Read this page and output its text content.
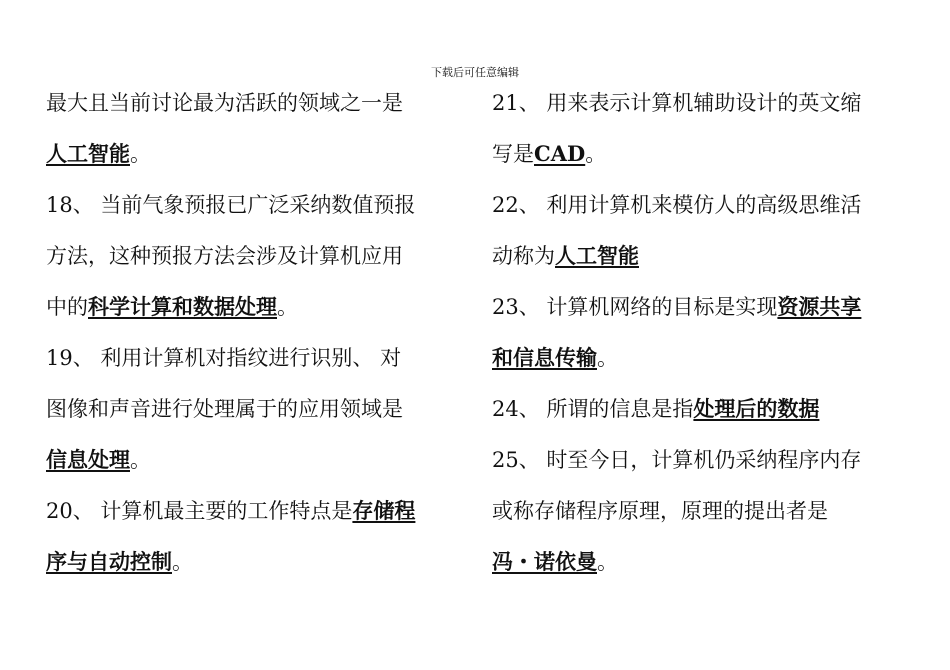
下载后可任意编辑
最大且当前讨论最为活跃的领域之一是
人工智能。
18、 当前气象预报已广泛采纳数值预报
方法，这种预报方法会涉及计算机应用
中的科学计算和数据处理。
19、 利用计算机对指纹进行识别、 对
图像和声音进行处理属于的应用领域是
信息处理。
20、 计算机最主要的工作特点是存储程
序与自动控制。
21、 用来表示计算机辅助设计的英文缩
写是CAD。
22、 利用计算机来模仿人的高级思维活
动称为人工智能
23、 计算机网络的目标是实现资源共享
和信息传输。
24、 所谓的信息是指处理后的数据
25、 时至今日，计算机仍采纳程序内存
或称存储程序原理，原理的提出者是
冯・诺依曼。
